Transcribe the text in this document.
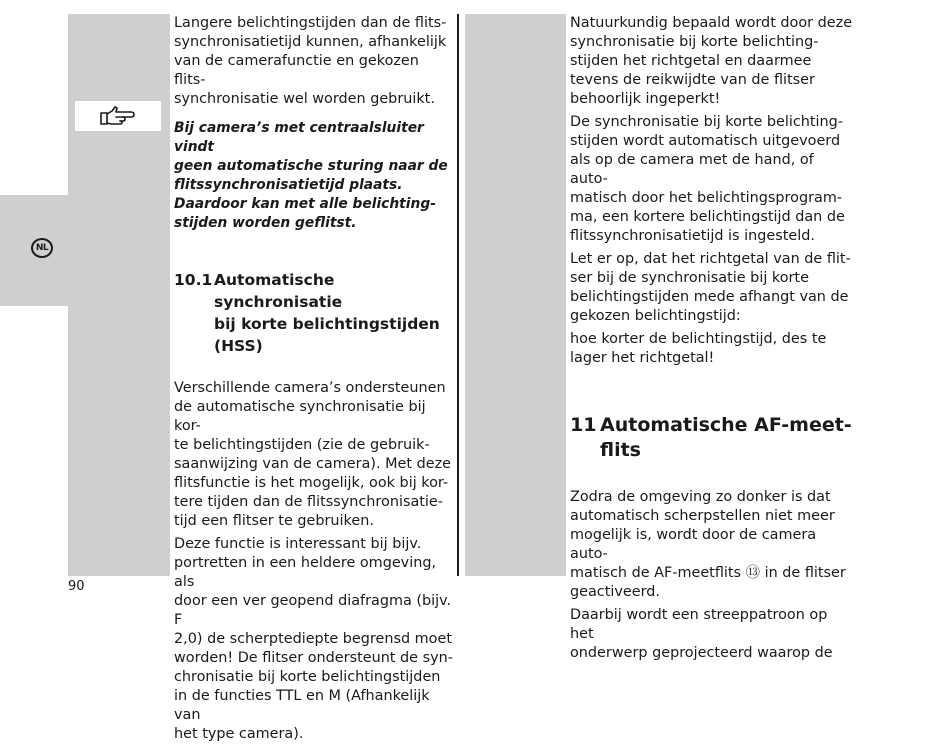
NL

Langere belichtingstijden dan de flits-
synchronisatietijd kunnen, afhankelijk
van de camerafunctie en gekozen flits-
synchronisatie wel worden gebruikt.

Bij camera’s met centraalsluiter vindt
geen automatische sturing naar de
flitssynchronisatietijd plaats.
Daardoor kan met alle belichting-
stijden worden geflitst.

10.1 Automatische synchronisatie
bij korte belichtingstijden
(HSS)

Verschillende camera’s ondersteunen
de automatische synchronisatie bij kor-
te belichtingstijden (zie de gebruik-
saanwijzing van de camera). Met deze
flitsfunctie is het mogelijk, ook bij kor-
tere tijden dan de flitssynchronisatie-
tijd een flitser te gebruiken.

Deze functie is interessant bij bijv.
portretten in een heldere omgeving, als
door een ver geopend diafragma (bijv. F
2,0) de scherptediepte begrensd moet
worden! De flitser ondersteunt de syn-
chronisatie bij korte belichtingstijden
in de functies TTL en M (Afhankelijk van
het type camera).

Natuurkundig bepaald wordt door deze
synchronisatie bij korte belichting-
stijden het richtgetal en daarmee
tevens de reikwijdte van de flitser
behoorlijk ingeperkt!

De synchronisatie bij korte belichting-
stijden wordt automatisch uitgevoerd
als op de camera met de hand, of auto-
matisch door het belichtingsprogram-
ma, een kortere belichtingstijd dan de
flitssynchronisatietijd is ingesteld.

Let er op, dat het richtgetal van de flit-
ser bij de synchronisatie bij korte
belichtingstijden mede afhangt van de
gekozen belichtingstijd:

hoe korter de belichtingstijd, des te
lager het richtgetal!

11 Automatische AF-meet-
flits

Zodra de omgeving zo donker is dat
automatisch scherpstellen niet meer
mogelijk is, wordt door de camera auto-
matisch de AF-meetflits ⑬ in de flitser
geactiveerd.

Daarbij wordt een streeppatroon op het
onderwerp geprojecteerd waarop de

90
